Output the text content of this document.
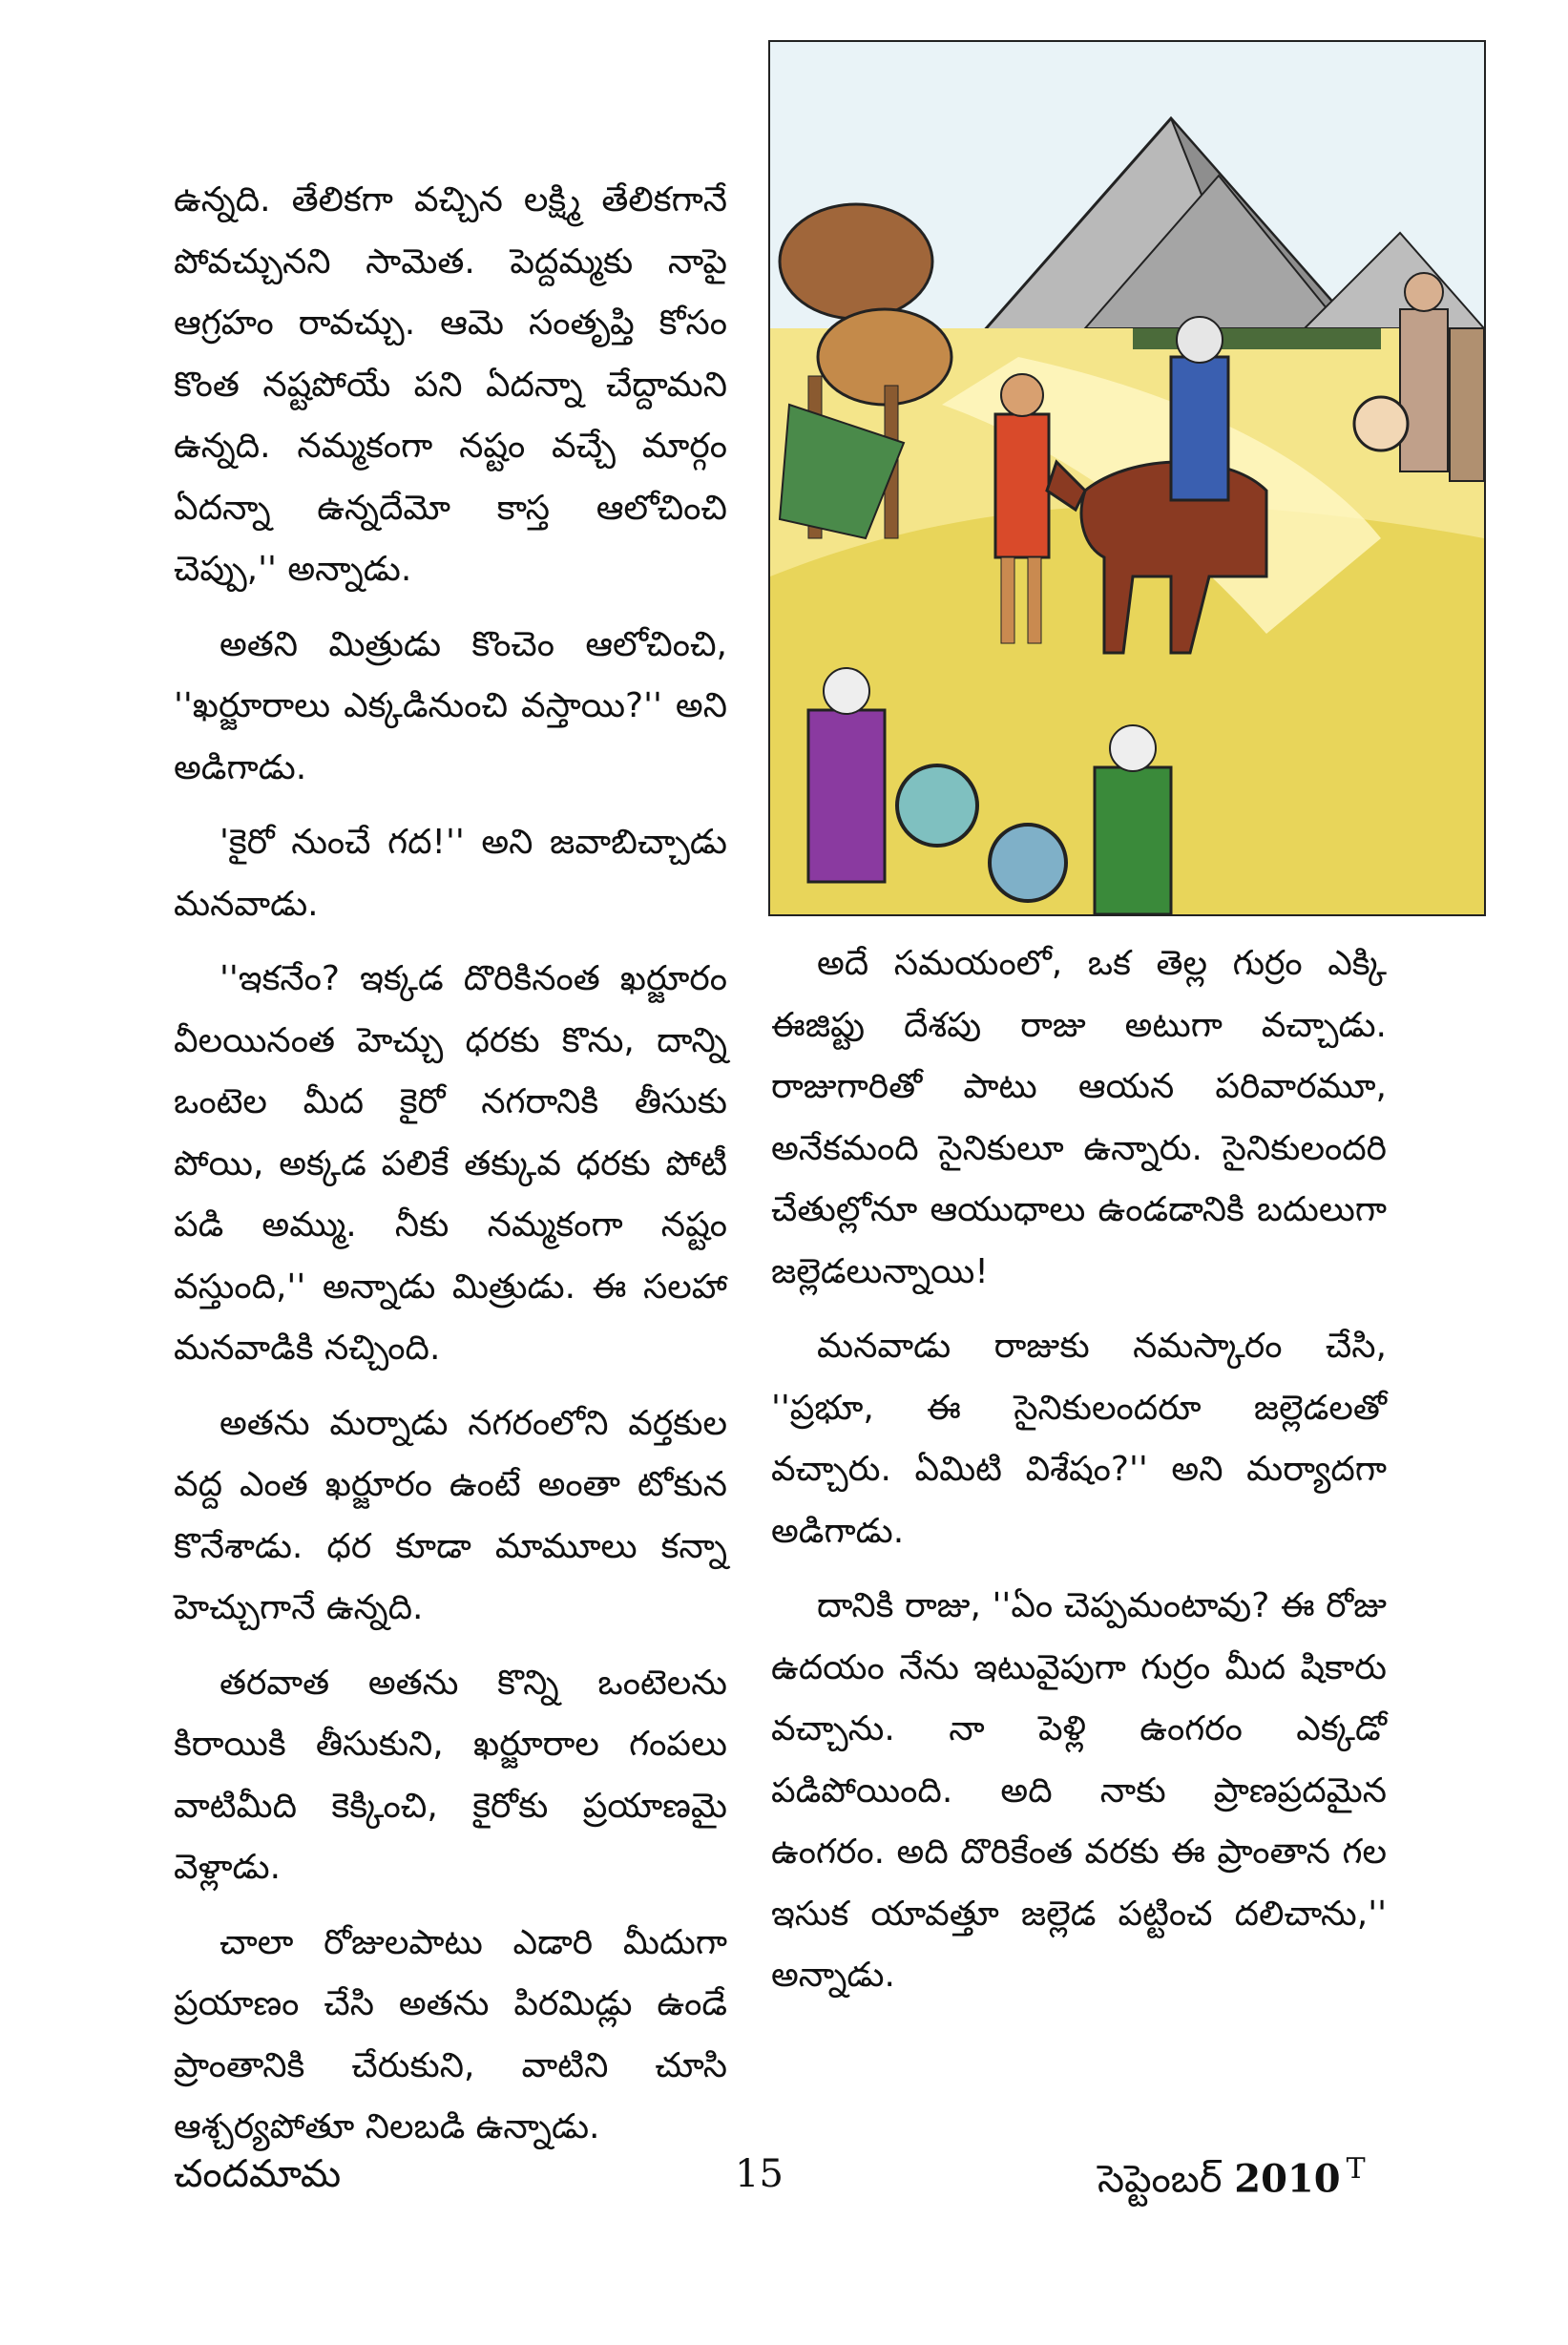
ఉన్నది. తేలికగా వచ్చిన లక్ష్మి తేలికగానే పోవచ్చునని సామెత. పెద్దమ్మకు నాపై ఆగ్రహం రావచ్చు. ఆమె సంతృప్తి కోసం కొంత నష్టపోయే పని ఏదన్నా చేద్దామని ఉన్నది. నమ్మకంగా నష్టం వచ్చే మార్గం ఏదన్నా ఉన్నదేమో కాస్త ఆలోచించి చెప్పు,'' అన్నాడు.

అతని మిత్రుడు కొంచెం ఆలోచించి, ''ఖర్జూరాలు ఎక్కడినుంచి వస్తాయి?'' అని అడిగాడు.

'కైరో నుంచే గద!'' అని జవాబిచ్చాడు మనవాడు.

''ఇకనేం? ఇక్కడ దొరికినంత ఖర్జూరం వీలయినంత హెచ్చు ధరకు కొను, దాన్ని ఒంటెల మీద కైరో నగరానికి తీసుకు పోయి, అక్కడ పలికే తక్కువ ధరకు పోటీ పడి అమ్ము. నీకు నమ్మకంగా నష్టం వస్తుంది,'' అన్నాడు మిత్రుడు. ఈ సలహా మనవాడికి నచ్చింది.

అతను మర్నాడు నగరంలోని వర్తకుల వద్ద ఎంత ఖర్జూరం ఉంటే అంతా టోకున కొనేశాడు. ధర కూడా మామూలు కన్నా హెచ్చుగానే ఉన్నది.

తరవాత అతను కొన్ని ఒంటెలను కిరాయికి తీసుకుని, ఖర్జూరాల గంపలు వాటిమీది కెక్కించి, కైరోకు ప్రయాణమై వెళ్లాడు.

చాలా రోజులపాటు ఎడారి మీదుగా ప్రయాణం చేసి అతను పిరమిడ్లు ఉండే ప్రాంతానికి చేరుకుని, వాటిని చూసి ఆశ్చర్యపోతూ నిలబడి ఉన్నాడు.

అదే సమయంలో, ఒక తెల్ల గుర్రం ఎక్కి ఈజిప్టు దేశపు రాజు అటుగా వచ్చాడు. రాజుగారితో పాటు ఆయన పరివారమూ, అనేకమంది సైనికులూ ఉన్నారు. సైనికులందరి చేతుల్లోనూ ఆయుధాలు ఉండడానికి బదులుగా జల్లెడలున్నాయి!

మనవాడు రాజుకు నమస్కారం చేసి, ''ప్రభూ, ఈ సైనికులందరూ జల్లెడలతో వచ్చారు. ఏమిటి విశేషం?'' అని మర్యాదగా అడిగాడు.

దానికి రాజు, ''ఏం చెప్పమంటావు? ఈ రోజు ఉదయం నేను ఇటువైపుగా గుర్రం మీద షికారు వచ్చాను. నా పెళ్లి ఉంగరం ఎక్కడో పడిపోయింది. అది నాకు ప్రాణప్రదమైన ఉంగరం. అది దొరికేంత వరకు ఈ ప్రాంతాన గల ఇసుక యావత్తూ జల్లెడ పట్టించ దలిచాను,'' అన్నాడు.

చందమామ	15	సెప్టెంబర్ 2010 $^T$
